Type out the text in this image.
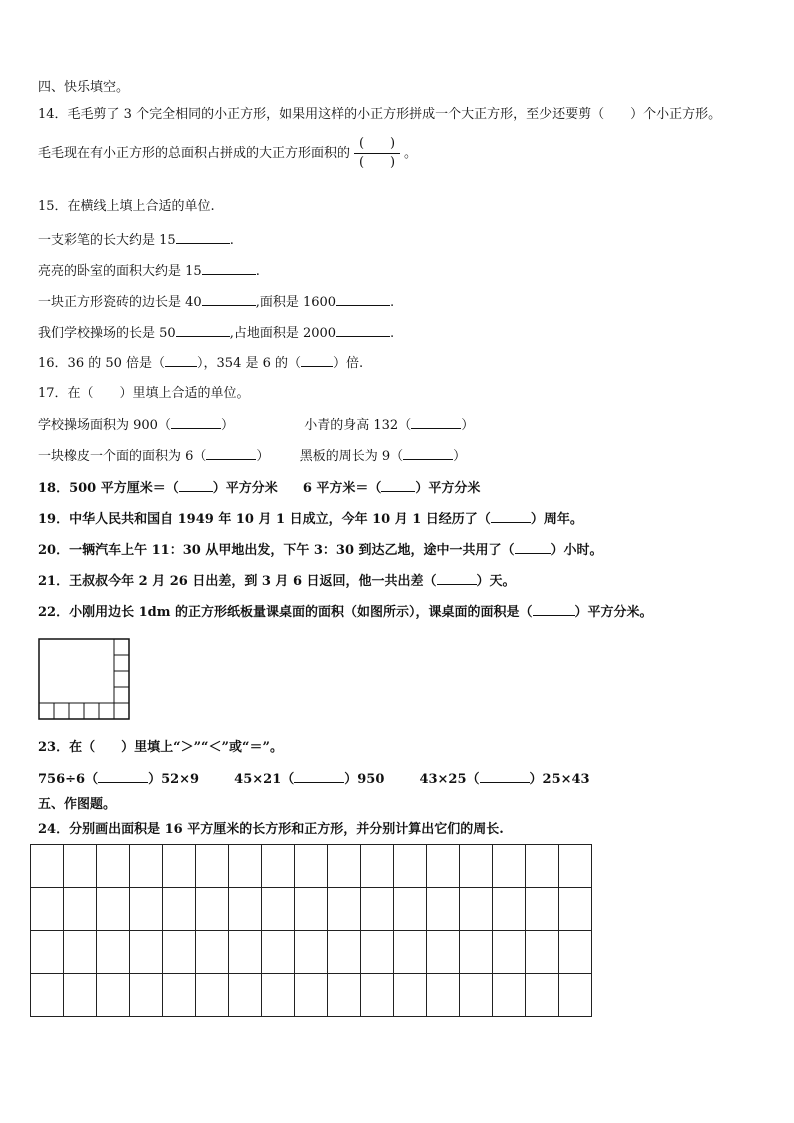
四、快乐填空。
14．毛毛剪了 3 个完全相同的小正方形，如果用这样的小正方形拼成一个大正方形，至少还要剪（　　）个小正方形。
毛毛现在有小正方形的总面积占拼成的大正方形面积的 $\frac{( )}{( )}$ 。
15．在横线上填上合适的单位.
一支彩笔的长大约是 15	.
亮亮的卧室的面积大约是 15	.
一块正方形瓷砖的边长是 40	,面积是 1600	.
我们学校操场的长是 50	,占地面积是 2000	.
16．36 的 50 倍是（ ），354 是 6 的（ ）倍.
17．在（　　）里填上合适的单位。
学校操场面积为 900（	）	小青的身高 132（	）
一块橡皮一个面的面积为 6（	） 黑板的周长为 9（	）
18．500 平方厘米＝（	）平方分米 6 平方米＝（	）平方分米
19．中华人民共和国自 1949 年 10 月 1 日成立，今年 10 月 1 日经历了（	）周年。
20．一辆汽车上午 11：30 从甲地出发，下午 3：30 到达乙地，途中一共用了（	）小时。
21．王叔叔今年 2 月 26 日出差，到 3 月 6 日返回，他一共出差（	）天。
22．小刚用边长 1dm 的正方形纸板量课桌面的面积（如图所示），课桌面的面积是（	）平方分米。
23．在（　　）里填上“＞”“＜”或“＝”。
756÷6（	）52×9	45×21（	）950	43×25（	）25×43
五、作图题。
24．分别画出面积是 16 平方厘米的长方形和正方形，并分别计算出它们的周长.
